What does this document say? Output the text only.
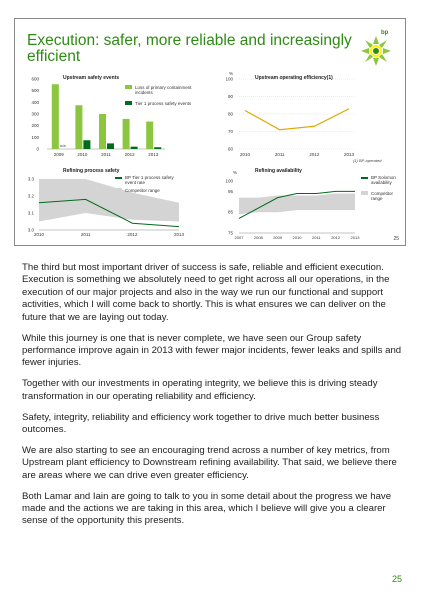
Execution: safer, more reliable and increasingly efficient
bp
Upstream safety events
0
100
200
300
400
500
600
2009
n/a
2010	2011	2012	2013
60
70
80
90
100
2010	2011	2012	2013
3.0
3.1
3.2
3.3
2010	2011	2012	2013	75
85
95
100
2007	2008	2009	2010	2011	2012	2013
Loss of primary containment incidents
Tier 1 process safety events
%
Upstream operating efficiency(1)
(1) BP-operated
Refining process safety
BP Tier 1 process safety event rate
Competitor range
%	Refining availability
BP Solomon availability
Competitor range
25

The third but most important driver of success is safe, reliable and efficient execution. Execution is something we absolutely need to get right across all our operations, in the execution of our major projects and also in the way we run our functional and support activities, which I will come back to shortly. This is what ensures we can deliver on the future that we are laying out today.

While this journey is one that is never complete, we have seen our Group safety performance improve again in 2013 with fewer major incidents, fewer leaks and spills and fewer injuries.

Together with our investments in operating integrity, we believe this is driving steady transformation in our operating reliability and efficiency.

Safety, integrity, reliability and efficiency work together to drive much better business outcomes.

We are also starting to see an encouraging trend across a number of key metrics, from Upstream plant efficiency to Downstream refining availability. That said, we believe there are areas where we can drive even greater efficiency.

Both Lamar and Iain are going to talk to you in some detail about the progress we have made and the actions we are taking in this area, which I believe will give you a clearer sense of the opportunity this presents.

25
